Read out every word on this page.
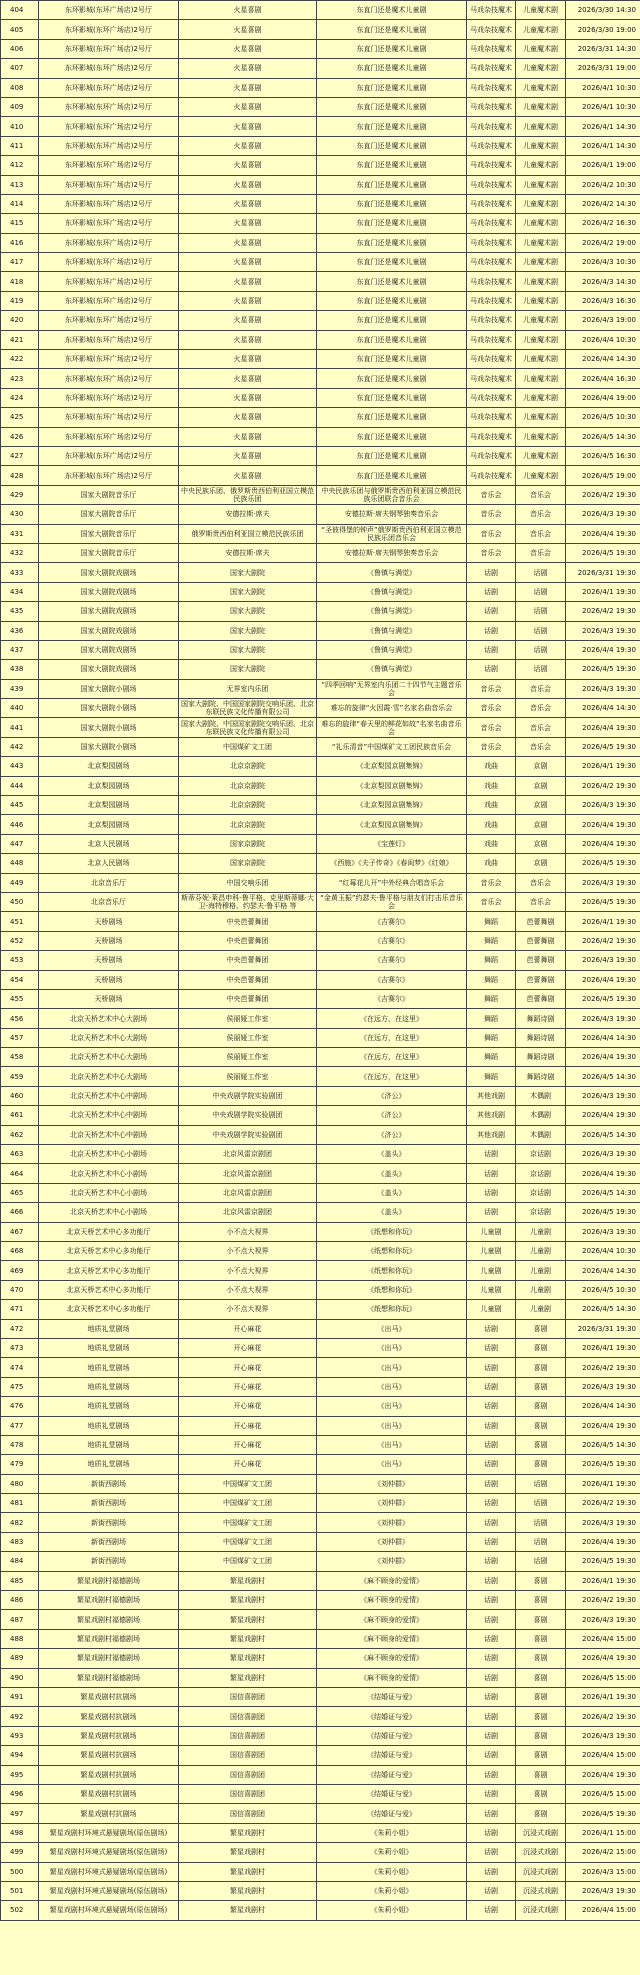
404	东环影城(东环广场店)2号厅	火星喜剧	东直门还是魔术儿童剧	马戏杂技魔术	儿童魔术剧	2026/3/30 14:30
405	东环影城(东环广场店)2号厅	火星喜剧	东直门还是魔术儿童剧	马戏杂技魔术	儿童魔术剧	2026/3/30 19:00
406	东环影城(东环广场店)2号厅	火星喜剧	东直门还是魔术儿童剧	马戏杂技魔术	儿童魔术剧	2026/3/31 14:30
407	东环影城(东环广场店)2号厅	火星喜剧	东直门还是魔术儿童剧	马戏杂技魔术	儿童魔术剧	2026/3/31 19:00
408	东环影城(东环广场店)2号厅	火星喜剧	东直门还是魔术儿童剧	马戏杂技魔术	儿童魔术剧	2026/4/1 10:30
409	东环影城(东环广场店)2号厅	火星喜剧	东直门还是魔术儿童剧	马戏杂技魔术	儿童魔术剧	2026/4/1 10:30
410	东环影城(东环广场店)2号厅	火星喜剧	东直门还是魔术儿童剧	马戏杂技魔术	儿童魔术剧	2026/4/1 14:30
411	东环影城(东环广场店)2号厅	火星喜剧	东直门还是魔术儿童剧	马戏杂技魔术	儿童魔术剧	2026/4/1 14:30
412	东环影城(东环广场店)2号厅	火星喜剧	东直门还是魔术儿童剧	马戏杂技魔术	儿童魔术剧	2026/4/1 19:00
413	东环影城(东环广场店)2号厅	火星喜剧	东直门还是魔术儿童剧	马戏杂技魔术	儿童魔术剧	2026/4/2 10:30
414	东环影城(东环广场店)2号厅	火星喜剧	东直门还是魔术儿童剧	马戏杂技魔术	儿童魔术剧	2026/4/2 14:30
415	东环影城(东环广场店)2号厅	火星喜剧	东直门还是魔术儿童剧	马戏杂技魔术	儿童魔术剧	2026/4/2 16:30
416	东环影城(东环广场店)2号厅	火星喜剧	东直门还是魔术儿童剧	马戏杂技魔术	儿童魔术剧	2026/4/2 19:00
417	东环影城(东环广场店)2号厅	火星喜剧	东直门还是魔术儿童剧	马戏杂技魔术	儿童魔术剧	2026/4/3 10:30
418	东环影城(东环广场店)2号厅	火星喜剧	东直门还是魔术儿童剧	马戏杂技魔术	儿童魔术剧	2026/4/3 14:30
419	东环影城(东环广场店)2号厅	火星喜剧	东直门还是魔术儿童剧	马戏杂技魔术	儿童魔术剧	2026/4/3 16:30
420	东环影城(东环广场店)2号厅	火星喜剧	东直门还是魔术儿童剧	马戏杂技魔术	儿童魔术剧	2026/4/3 19:00
421	东环影城(东环广场店)2号厅	火星喜剧	东直门还是魔术儿童剧	马戏杂技魔术	儿童魔术剧	2026/4/4 10:30
422	东环影城(东环广场店)2号厅	火星喜剧	东直门还是魔术儿童剧	马戏杂技魔术	儿童魔术剧	2026/4/4 14:30
423	东环影城(东环广场店)2号厅	火星喜剧	东直门还是魔术儿童剧	马戏杂技魔术	儿童魔术剧	2026/4/4 16:30
424	东环影城(东环广场店)2号厅	火星喜剧	东直门还是魔术儿童剧	马戏杂技魔术	儿童魔术剧	2026/4/4 19:00
425	东环影城(东环广场店)2号厅	火星喜剧	东直门还是魔术儿童剧	马戏杂技魔术	儿童魔术剧	2026/4/5 10:30
426	东环影城(东环广场店)2号厅	火星喜剧	东直门还是魔术儿童剧	马戏杂技魔术	儿童魔术剧	2026/4/5 14:30
427	东环影城(东环广场店)2号厅	火星喜剧	东直门还是魔术儿童剧	马戏杂技魔术	儿童魔术剧	2026/4/5 16:30
428	东环影城(东环广场店)2号厅	火星喜剧	东直门还是魔术儿童剧	马戏杂技魔术	儿童魔术剧	2026/4/5 19:00
429	国家大剧院音乐厅	中央民族乐团、俄罗斯贵西伯利亚国立模范民族乐团	中央民族乐团与俄罗斯贵西伯利亚国立模范民族乐团联合音乐会	音乐会	音乐会	2026/4/2 19:30
430	国家大剧院音乐厅	安德拉斯·席夫	安德拉斯·席夫钢琴独奏音乐会	音乐会	音乐会	2026/4/3 19:30
431	国家大剧院音乐厅	俄罗斯贵西伯利亚国立模范民族乐团	“圣彼得堡的钟声”俄罗斯贵西伯利亚国立模范民族乐团音乐会	音乐会	音乐会	2026/4/4 19:30
432	国家大剧院音乐厅	安德拉斯·席夫	安德拉斯·席夫钢琴独奏音乐会	音乐会	音乐会	2026/4/5 19:30
433	国家大剧院戏剧场	国家大剧院	《鲁镇与满觉》	话剧	话剧	2026/3/31 19:30
434	国家大剧院戏剧场	国家大剧院	《鲁镇与满觉》	话剧	话剧	2026/4/1 19:30
435	国家大剧院戏剧场	国家大剧院	《鲁镇与满觉》	话剧	话剧	2026/4/2 19:30
436	国家大剧院戏剧场	国家大剧院	《鲁镇与满觉》	话剧	话剧	2026/4/3 19:30
437	国家大剧院戏剧场	国家大剧院	《鲁镇与满觉》	话剧	话剧	2026/4/4 19:30
438	国家大剧院戏剧场	国家大剧院	《鲁镇与满觉》	话剧	话剧	2026/4/5 19:30
439	国家大剧院小剧场	无界室内乐团	“四季回响”无界室内乐团二十四节气主题音乐会	音乐会	音乐会	2026/4/3 19:30
440	国家大剧院小剧场	国家大剧院、中国国家剧院交响乐团、北京东联民族文化传播有限公司	难忘的旋律“火因霞·雪”名家名曲音乐会	音乐会	音乐会	2026/4/4 14:30
441	国家大剧院小剧场	国家大剧院、中国国家剧院交响乐团、北京东联民族文化传播有限公司	难忘的旋律“春天里的鲜花如故”名家名曲音乐会	音乐会	音乐会	2026/4/4 19:30
442	国家大剧院小剧场	中国煤矿文工团	“礼乐清音”中国煤矿文工团民族音乐会	音乐会	音乐会	2026/4/5 19:30
443	北京梨园剧场	北京京剧院	《北京梨园京剧集锦》	戏曲	京剧	2026/4/1 19:30
444	北京梨园剧场	北京京剧院	《北京梨园京剧集锦》	戏曲	京剧	2026/4/2 19:30
445	北京梨园剧场	北京京剧院	《北京梨园京剧集锦》	戏曲	京剧	2026/4/3 19:30
446	北京梨园剧场	北京京剧院	《北京梨园京剧集锦》	戏曲	京剧	2026/4/4 19:30
447	北京人民剧场	国家京剧院	《宝莲灯》	戏曲	京剧	2026/4/4 19:30
448	北京人民剧场	国家京剧院	《西施》《夫子传奇》《春闺梦》《红娘》	戏曲	京剧	2026/4/5 19:30
449	北京音乐厅	中国交响乐团	“红莓花儿开”中外经典合唱音乐会	音乐会	音乐会	2026/4/3 19:30
450	北京音乐厅	斯蒂芬妮·莱昌申科-鲁平格、克里斯蒂娜·大卫-海特穆格、约瑟夫·鲁平格 等	“金黄玉振”约瑟夫·鲁平格与朋友们打击乐音乐会	音乐会	音乐会	2026/4/5 19:30
451	天桥剧场	中央芭蕾舞团	《吉赛尔》	舞蹈	芭蕾舞剧	2026/4/1 19:30
452	天桥剧场	中央芭蕾舞团	《吉赛尔》	舞蹈	芭蕾舞剧	2026/4/2 19:30
453	天桥剧场	中央芭蕾舞团	《吉赛尔》	舞蹈	芭蕾舞剧	2026/4/3 19:30
454	天桥剧场	中央芭蕾舞团	《吉赛尔》	舞蹈	芭蕾舞剧	2026/4/4 19:30
455	天桥剧场	中央芭蕾舞团	《吉赛尔》	舞蹈	芭蕾舞剧	2026/4/5 19:30
456	北京天桥艺术中心大剧场	侯丽娅工作室	《在远方，在这里》	舞蹈	舞蹈诗剧	2026/4/3 19:30
457	北京天桥艺术中心大剧场	侯丽娅工作室	《在远方，在这里》	舞蹈	舞蹈诗剧	2026/4/4 14:30
458	北京天桥艺术中心大剧场	侯丽娅工作室	《在远方，在这里》	舞蹈	舞蹈诗剧	2026/4/4 19:30
459	北京天桥艺术中心大剧场	侯丽娅工作室	《在远方，在这里》	舞蹈	舞蹈诗剧	2026/4/5 14:30
460	北京天桥艺术中心中剧场	中央戏剧学院实验剧团	《济公》	其他戏剧	木偶剧	2026/4/3 19:30
461	北京天桥艺术中心中剧场	中央戏剧学院实验剧团	《济公》	其他戏剧	木偶剧	2026/4/4 19:30
462	北京天桥艺术中心中剧场	中央戏剧学院实验剧团	《济公》	其他戏剧	木偶剧	2026/4/5 14:30
463	北京天桥艺术中心小剧场	北京风雷京剧团	《盖头》	话剧	京话剧	2026/4/3 19:30
464	北京天桥艺术中心小剧场	北京风雷京剧团	《盖头》	话剧	京话剧	2026/4/4 19:30
465	北京天桥艺术中心小剧场	北京风雷京剧团	《盖头》	话剧	京话剧	2026/4/5 14:30
466	北京天桥艺术中心小剧场	北京风雷京剧团	《盖头》	话剧	京话剧	2026/4/5 19:30
467	北京天桥艺术中心多功能厅	小不点大视界	《纸想和你玩》	儿童剧	儿童剧	2026/4/3 19:30
468	北京天桥艺术中心多功能厅	小不点大视界	《纸想和你玩》	儿童剧	儿童剧	2026/4/4 10:30
469	北京天桥艺术中心多功能厅	小不点大视界	《纸想和你玩》	儿童剧	儿童剧	2026/4/4 14:30
470	北京天桥艺术中心多功能厅	小不点大视界	《纸想和你玩》	儿童剧	儿童剧	2026/4/5 10:30
471	北京天桥艺术中心多功能厅	小不点大视界	《纸想和你玩》	儿童剧	儿童剧	2026/4/5 14:30
472	地质礼堂剧场	开心麻花	《出马》	话剧	喜剧	2026/3/31 19:30
473	地质礼堂剧场	开心麻花	《出马》	话剧	喜剧	2026/4/1 19:30
474	地质礼堂剧场	开心麻花	《出马》	话剧	喜剧	2026/4/2 19:30
475	地质礼堂剧场	开心麻花	《出马》	话剧	喜剧	2026/4/3 19:30
476	地质礼堂剧场	开心麻花	《出马》	话剧	喜剧	2026/4/4 14:30
477	地质礼堂剧场	开心麻花	《出马》	话剧	喜剧	2026/4/4 19:30
478	地质礼堂剧场	开心麻花	《出马》	话剧	喜剧	2026/4/5 14:30
479	地质礼堂剧场	开心麻花	《出马》	话剧	喜剧	2026/4/5 19:30
480	新街西剧场	中国煤矿文工团	《刘仲群》	话剧	话剧	2026/4/1 19:30
481	新街西剧场	中国煤矿文工团	《刘仲群》	话剧	话剧	2026/4/2 19:30
482	新街西剧场	中国煤矿文工团	《刘仲群》	话剧	话剧	2026/4/3 19:30
483	新街西剧场	中国煤矿文工团	《刘仲群》	话剧	话剧	2026/4/4 19:30
484	新街西剧场	中国煤矿文工团	《刘仲群》	话剧	话剧	2026/4/5 19:30
485	繁星戏剧村福德剧场	繁星戏剧村	《麻不顾身的爱情》	话剧	喜剧	2026/4/1 19:30
486	繁星戏剧村福德剧场	繁星戏剧村	《麻不顾身的爱情》	话剧	喜剧	2026/4/2 19:30
487	繁星戏剧村福德剧场	繁星戏剧村	《麻不顾身的爱情》	话剧	喜剧	2026/4/3 19:30
488	繁星戏剧村福德剧场	繁星戏剧村	《麻不顾身的爱情》	话剧	喜剧	2026/4/4 15:00
489	繁星戏剧村福德剧场	繁星戏剧村	《麻不顾身的爱情》	话剧	喜剧	2026/4/4 19:30
490	繁星戏剧村福德剧场	繁星戏剧村	《麻不顾身的爱情》	话剧	喜剧	2026/4/5 15:00
491	繁星戏剧村抗剧场	国信喜剧团	《结婚证与爱》	话剧	喜剧	2026/4/1 19:30
492	繁星戏剧村抗剧场	国信喜剧团	《结婚证与爱》	话剧	喜剧	2026/4/2 19:30
493	繁星戏剧村抗剧场	国信喜剧团	《结婚证与爱》	话剧	喜剧	2026/4/3 19:30
494	繁星戏剧村抗剧场	国信喜剧团	《结婚证与爱》	话剧	喜剧	2026/4/4 15:00
495	繁星戏剧村抗剧场	国信喜剧团	《结婚证与爱》	话剧	喜剧	2026/4/4 19:30
496	繁星戏剧村抗剧场	国信喜剧团	《结婚证与爱》	话剧	喜剧	2026/4/5 15:00
497	繁星戏剧村抗剧场	国信喜剧团	《结婚证与爱》	话剧	喜剧	2026/4/5 19:30
498	繁星戏剧村环境式悬疑剧场(原伍剧场)	繁星戏剧村	《朱莉小姐》	话剧	沉浸式戏剧	2026/4/1 15:00
499	繁星戏剧村环境式悬疑剧场(原伍剧场)	繁星戏剧村	《朱莉小姐》	话剧	沉浸式戏剧	2026/4/2 15:00
500	繁星戏剧村环境式悬疑剧场(原伍剧场)	繁星戏剧村	《朱莉小姐》	话剧	沉浸式戏剧	2026/4/3 15:00
501	繁星戏剧村环境式悬疑剧场(原伍剧场)	繁星戏剧村	《朱莉小姐》	话剧	沉浸式戏剧	2026/4/3 19:30
502	繁星戏剧村环境式悬疑剧场(原伍剧场)	繁星戏剧村	《朱莉小姐》	话剧	沉浸式戏剧	2026/4/4 15:00
